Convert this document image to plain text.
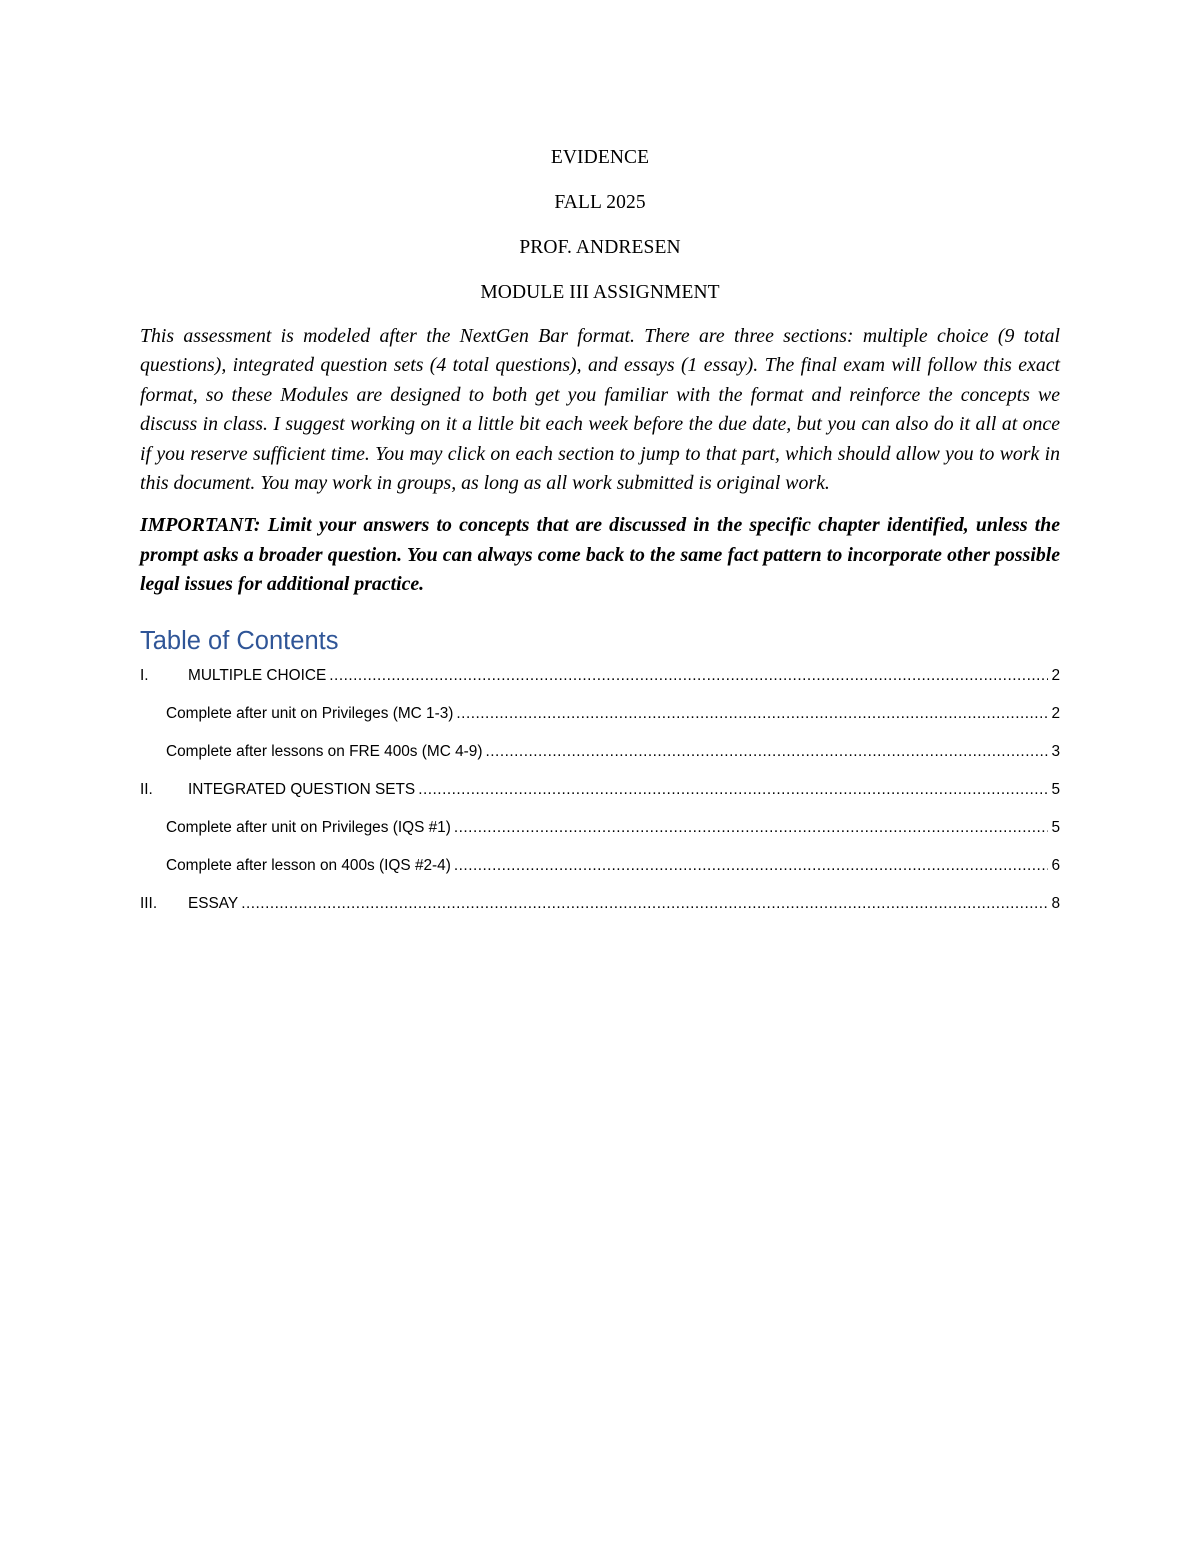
EVIDENCE
FALL 2025
PROF. ANDRESEN
MODULE III ASSIGNMENT

This assessment is modeled after the NextGen Bar format. There are three sections: multiple choice (9 total questions), integrated question sets (4 total questions), and essays (1 essay). The final exam will follow this exact format, so these Modules are designed to both get you familiar with the format and reinforce the concepts we discuss in class. I suggest working on it a little bit each week before the due date, but you can also do it all at once if you reserve sufficient time. You may click on each section to jump to that part, which should allow you to work in this document. You may work in groups, as long as all work submitted is original work.

IMPORTANT: Limit your answers to concepts that are discussed in the specific chapter identified, unless the prompt asks a broader question. You can always come back to the same fact pattern to incorporate other possible legal issues for additional practice.

Table of Contents
I.	MULTIPLE CHOICE .....	2
Complete after unit on Privileges (MC 1-3) .....	2
Complete after lessons on FRE 400s (MC 4-9) .....	3
II.	INTEGRATED QUESTION SETS .....	5
Complete after unit on Privileges (IQS #1) .....	5
Complete after lesson on 400s (IQS #2-4) .....	6
III.	ESSAY .....	8
